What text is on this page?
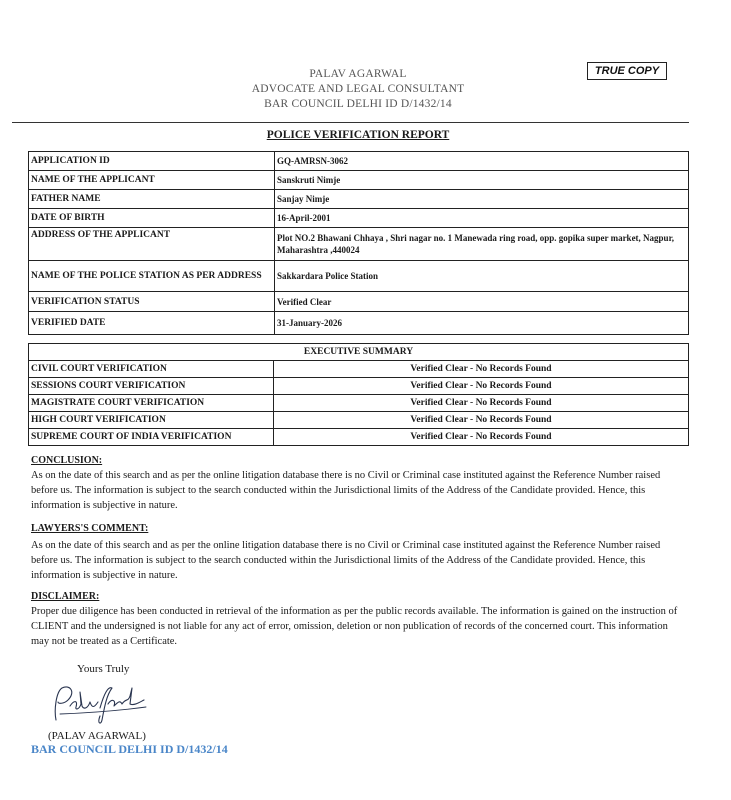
PALAV AGARWAL
ADVOCATE AND LEGAL CONSULTANT
BAR COUNCIL DELHI ID D/1432/14
TRUE COPY
POLICE VERIFICATION REPORT
APPLICATION ID	GQ-AMRSN-3062
NAME OF THE APPLICANT	Sanskruti Nimje
FATHER NAME	Sanjay Nimje
DATE OF BIRTH	16-April-2001
ADDRESS OF THE APPLICANT	Plot NO.2 Bhawani Chhaya , Shri nagar no. 1 Manewada ring road, opp. gopika super market, Nagpur, Maharashtra ,440024
NAME OF THE POLICE STATION AS PER ADDRESS	Sakkardara Police Station
VERIFICATION STATUS	Verified Clear
VERIFIED DATE	31-January-2026
EXECUTIVE SUMMARY	
CIVIL COURT VERIFICATION	Verified Clear - No Records Found
SESSIONS COURT VERIFICATION	Verified Clear - No Records Found
MAGISTRATE COURT VERIFICATION	Verified Clear - No Records Found
HIGH COURT VERIFICATION	Verified Clear - No Records Found
SUPREME COURT OF INDIA VERIFICATION	Verified Clear - No Records Found
CONCLUSION:
As on the date of this search and as per the online litigation database there is no Civil or Criminal case instituted against the Reference Number raised before us. The information is subject to the search conducted within the Jurisdictional limits of the Address of the Candidate provided. Hence, this information is subjective in nature.
LAWYERS'S COMMENT:
As on the date of this search and as per the online litigation database there is no Civil or Criminal case instituted against the Reference Number raised before us. The information is subject to the search conducted within the Jurisdictional limits of the Address of the Candidate provided. Hence, this information is subjective in nature.
DISCLAIMER:
Proper due diligence has been conducted in retrieval of the information as per the public records available. The information is gained on the instruction of CLIENT and the undersigned is not liable for any act of error, omission, deletion or non publication of records of the concerned court. This information may not be treated as a Certificate.
Yours Truly
(PALAV AGARWAL)
BAR COUNCIL DELHI ID D/1432/14
